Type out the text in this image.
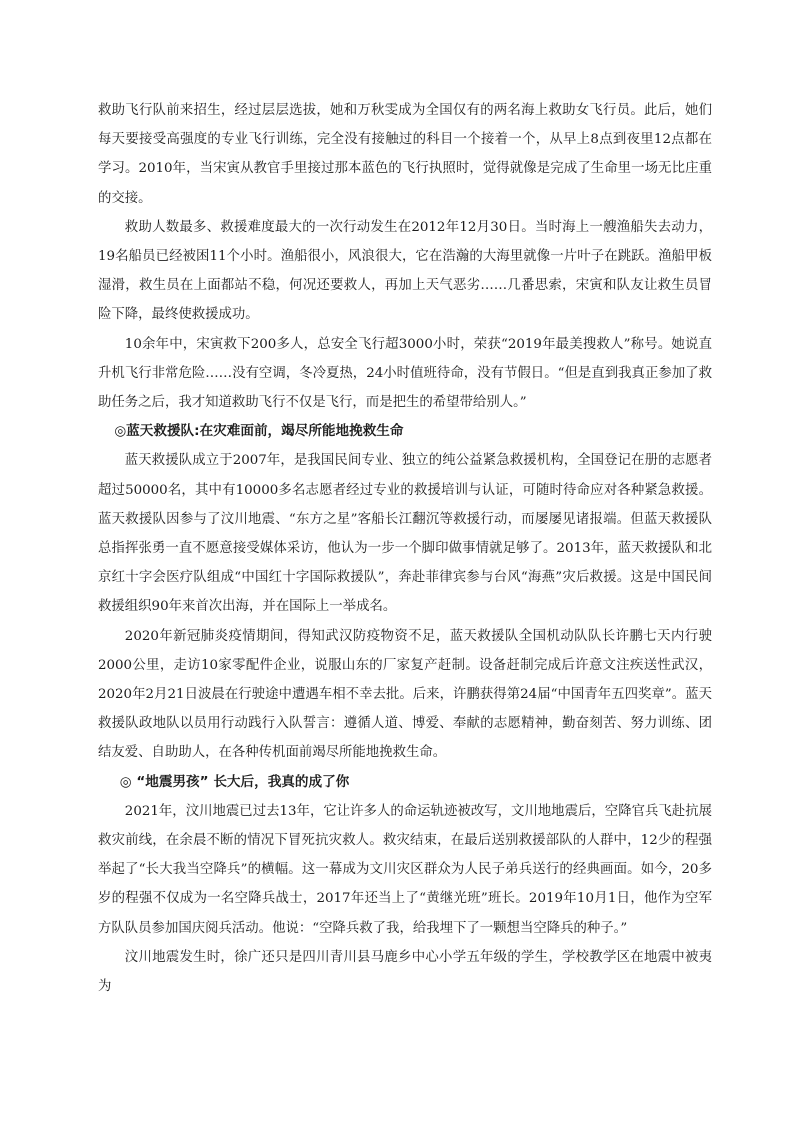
救助飞行队前来招生，经过层层选拔，她和万秋雯成为全国仅有的两名海上救助女飞行员。此后，她们每天要接受高强度的专业飞行训练，完全没有接触过的科目一个接着一个，从早上8点到夜里12点都在学习。2010年，当宋寅从教官手里接过那本蓝色的飞行执照时，觉得就像是完成了生命里一场无比庄重的交接。

救助人数最多、救援难度最大的一次行动发生在2012年12月30日。当时海上一艘渔船失去动力，19名船员已经被困11个小时。渔船很小，风浪很大，它在浩瀚的大海里就像一片叶子在跳跃。渔船甲板湿滑，救生员在上面都站不稳，何况还要救人，再加上天气恶劣……几番思索，宋寅和队友让救生员冒险下降，最终使救援成功。

10余年中，宋寅救下200多人，总安全飞行超3000小时，荣获“2019年最美搜救人”称号。她说直升机飞行非常危险……没有空调，冬冷夏热，24小时值班待命，没有节假日。“但是直到我真正参加了救助任务之后，我才知道救助飞行不仅是飞行，而是把生的希望带给别人。”

◎蓝天救援队:在灾难面前，竭尽所能地挽救生命

蓝天救援队成立于2007年，是我国民间专业、独立的纯公益紧急救援机构，全国登记在册的志愿者超过50000名，其中有10000多名志愿者经过专业的救援培训与认证，可随时待命应对各种紧急救援。蓝天救援队因参与了汶川地震、“东方之星”客船长江翻沉等救援行动，而屡屡见诸报端。但蓝天救援队总指挥张勇一直不愿意接受媒体采访，他认为一步一个脚印做事情就足够了。2013年，蓝天救援队和北京红十字会医疗队组成“中国红十字国际救援队”，奔赴菲律宾参与台风“海燕”灾后救援。这是中国民间救援组织90年来首次出海，并在国际上一举成名。

2020年新冠肺炎疫情期间，得知武汉防疫物资不足，蓝天救援队全国机动队队长许鹏七天内行驶2000公里，走访10家零配件企业，说服山东的厂家复产赶制。设备赶制完成后许意文注疾送性武汉，2020年2月21日波晨在行驶途中遭遇车相不幸去批。后来，许鹏获得第24届“中国青年五四奖章”。蓝天救援队政地队以员用行动践行入队誓言：遵循人道、博爱、奉献的志愿精神，勤奋刻苦、努力训练、团结友爱、自助助人，在各种传机面前竭尽所能地挽救生命。

◎ “地震男孩” 长大后，我真的成了你

2021年，汶川地震已过去13年，它让许多人的命运轨迹被改写，文川地地震后，空降官兵飞赴抗展救灾前线，在余晨不断的情况下冒死抗灾救人。救灾结束，在最后送别救援部队的人群中，12少的程强举起了“长大我当空降兵”的横幅。这一幕成为文川灾区群众为人民子弟兵送行的经典画面。如今，20多岁的程强不仅成为一名空降兵战士，2017年还当上了“黄继光班”班长。2019年10月1日，他作为空军方队队员参加国庆阅兵活动。他说：“空降兵救了我，给我埋下了一颗想当空降兵的种子。”

汶川地震发生时，徐广还只是四川青川县马鹿乡中心小学五年级的学生，学校教学区在地震中被夷为
